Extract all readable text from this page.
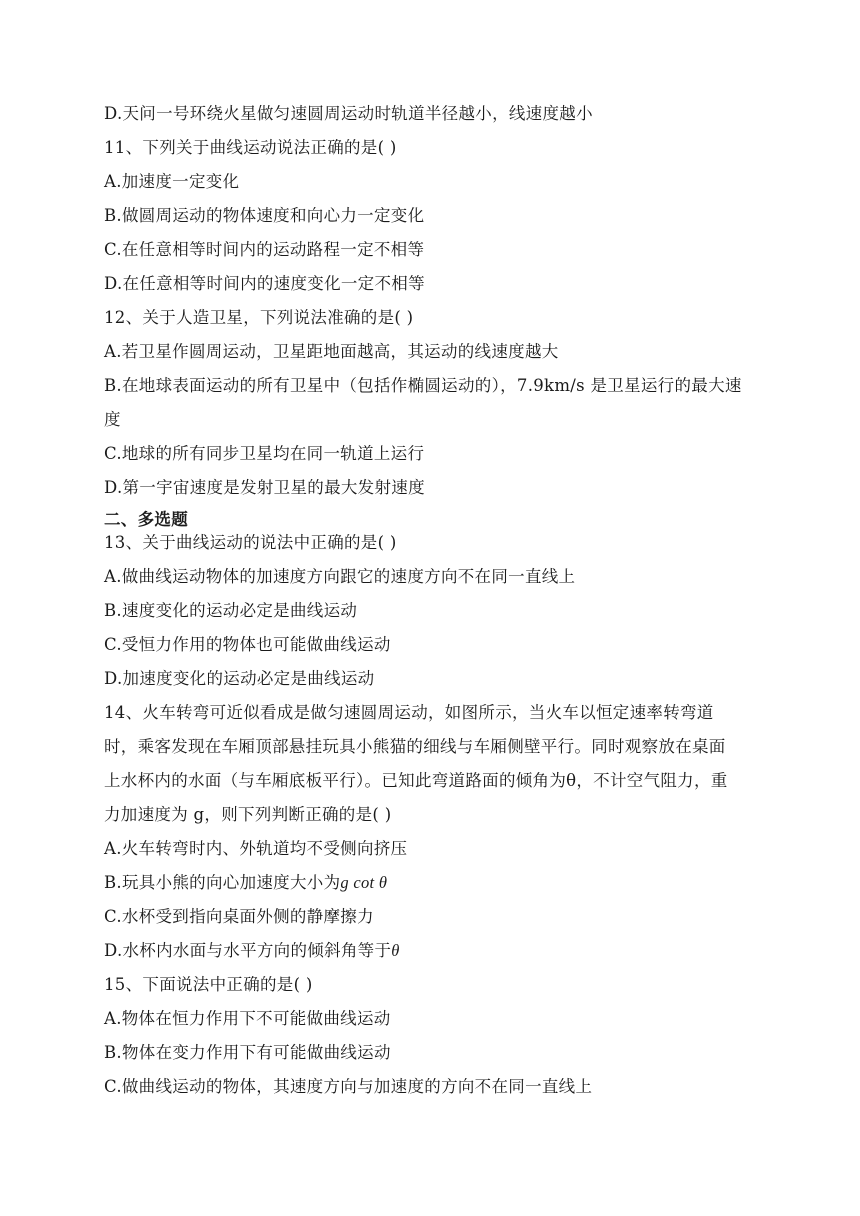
D.天问一号环绕火星做匀速圆周运动时轨道半径越小，线速度越小
11、下列关于曲线运动说法正确的是( )
A.加速度一定变化
B.做圆周运动的物体速度和向心力一定变化
C.在任意相等时间内的运动路程一定不相等
D.在任意相等时间内的速度变化一定不相等
12、关于人造卫星，下列说法准确的是( )
A.若卫星作圆周运动，卫星距地面越高，其运动的线速度越大
B.在地球表面运动的所有卫星中（包括作椭圆运动的），7.9km/s 是卫星运行的最大速
度
C.地球的所有同步卫星均在同一轨道上运行
D.第一宇宙速度是发射卫星的最大发射速度
二、多选题
13、关于曲线运动的说法中正确的是( )
A.做曲线运动物体的加速度方向跟它的速度方向不在同一直线上
B.速度变化的运动必定是曲线运动
C.受恒力作用的物体也可能做曲线运动
D.加速度变化的运动必定是曲线运动
14、火车转弯可近似看成是做匀速圆周运动，如图所示，当火车以恒定速率转弯道
时，乘客发现在车厢顶部悬挂玩具小熊猫的细线与车厢侧壁平行。同时观察放在桌面
上水杯内的水面（与车厢底板平行）。已知此弯道路面的倾角为θ，不计空气阻力，重
力加速度为 g，则下列判断正确的是( )
A.火车转弯时内、外轨道均不受侧向挤压
B.玩具小熊的向心加速度大小为g cot θ
C.水杯受到指向桌面外侧的静摩擦力
D.水杯内水面与水平方向的倾斜角等于θ
15、下面说法中正确的是( )
A.物体在恒力作用下不可能做曲线运动
B.物体在变力作用下有可能做曲线运动
C.做曲线运动的物体，其速度方向与加速度的方向不在同一直线上
